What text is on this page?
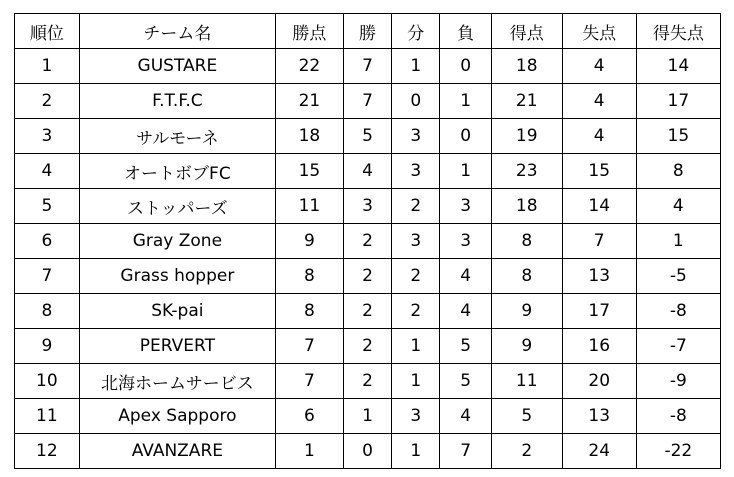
順位	チーム名	勝点	勝	分	負	得点	失点	得失点
1	GUSTARE	22	7	1	0	18	4	14
2	F.T.F.C	21	7	0	1	21	4	17
3	サルモーネ	18	5	3	0	19	4	15
4	オートボブFC	15	4	3	1	23	15	8
5	ストッパーズ	11	3	2	3	18	14	4
6	Gray Zone	9	2	3	3	8	7	1
7	Grass hopper	8	2	2	4	8	13	-5
8	SK-pai	8	2	2	4	9	17	-8
9	PERVERT	7	2	1	5	9	16	-7
10	北海ホームサービス	7	2	1	5	11	20	-9
11	Apex Sapporo	6	1	3	4	5	13	-8
12	AVANZARE	1	0	1	7	2	24	-22
